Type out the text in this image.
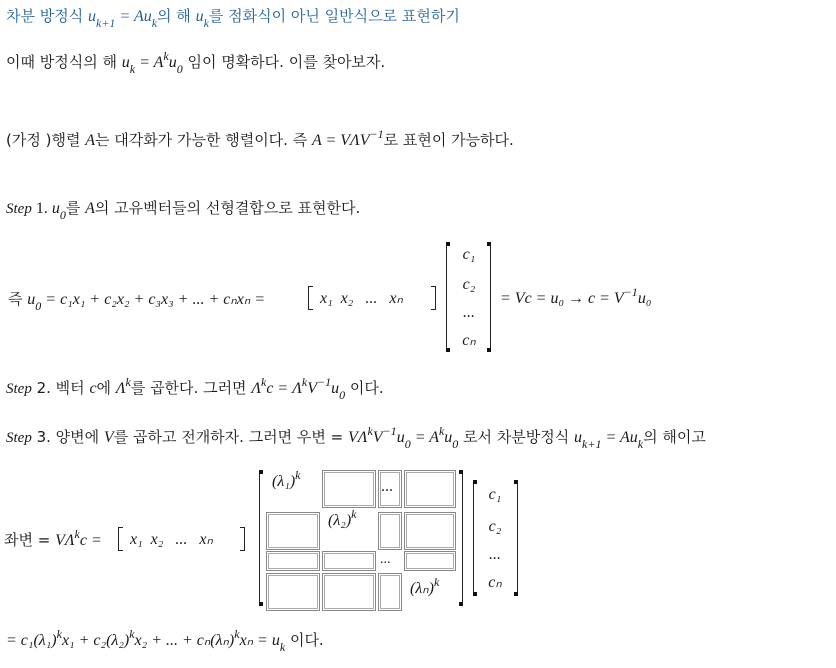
차분 방정식 $u_{k+1} = Au_k$의 해 $u_k$를 점화식이 아닌 일반식으로 표현하기
이때 방정식의 해 $u_k = A^ku_0$ 임이 명확하다. 이를 찾아보자.
(가정 )행렬 A는 대각화가 가능한 행렬이다. 즉 $A = V\Lambda V^{-1}$로 표현이 가능하다.
Step 1. $u_0$를 A의 고유벡터들의 선형결합으로 표현한다.
즉 $u_0 = c_1x_1 + c_2x_2 + c_3x_3$ + ... + cₙxₙ =	x₁ x₂ ... xₙ
c₁
c₂
...
cₙ
= $Vc = u_0 \to c = V^{-1}u_0$
Step 2. 벡터 c에 $\Lambda^k$를 곱한다. 그러면 $\Lambda^kc = \Lambda^kV^{-1}u_0$ 이다.
Step 3. 양변에 V를 곱하고 전개하자. 그러면 우변 = $V\Lambda^kV^{-1}u_0 = A^ku_0$ 로서 차분방정식 $u_{k+1} = Au_k$의 해이고
좌변 = $V\Lambda^kc = x_1$ x₂ ... xₙ
$(\lambda_1)^k$
...
$(\lambda_2)^k$
...
$(\lambda_n)^k$
c₁
c₂
...
cₙ
= $c_1(\lambda_1)^kx_1 + c_2(\lambda_2)^kx_2$ + ... + $c_n(\lambda_n)^kx_n = u_k$ 이다.
